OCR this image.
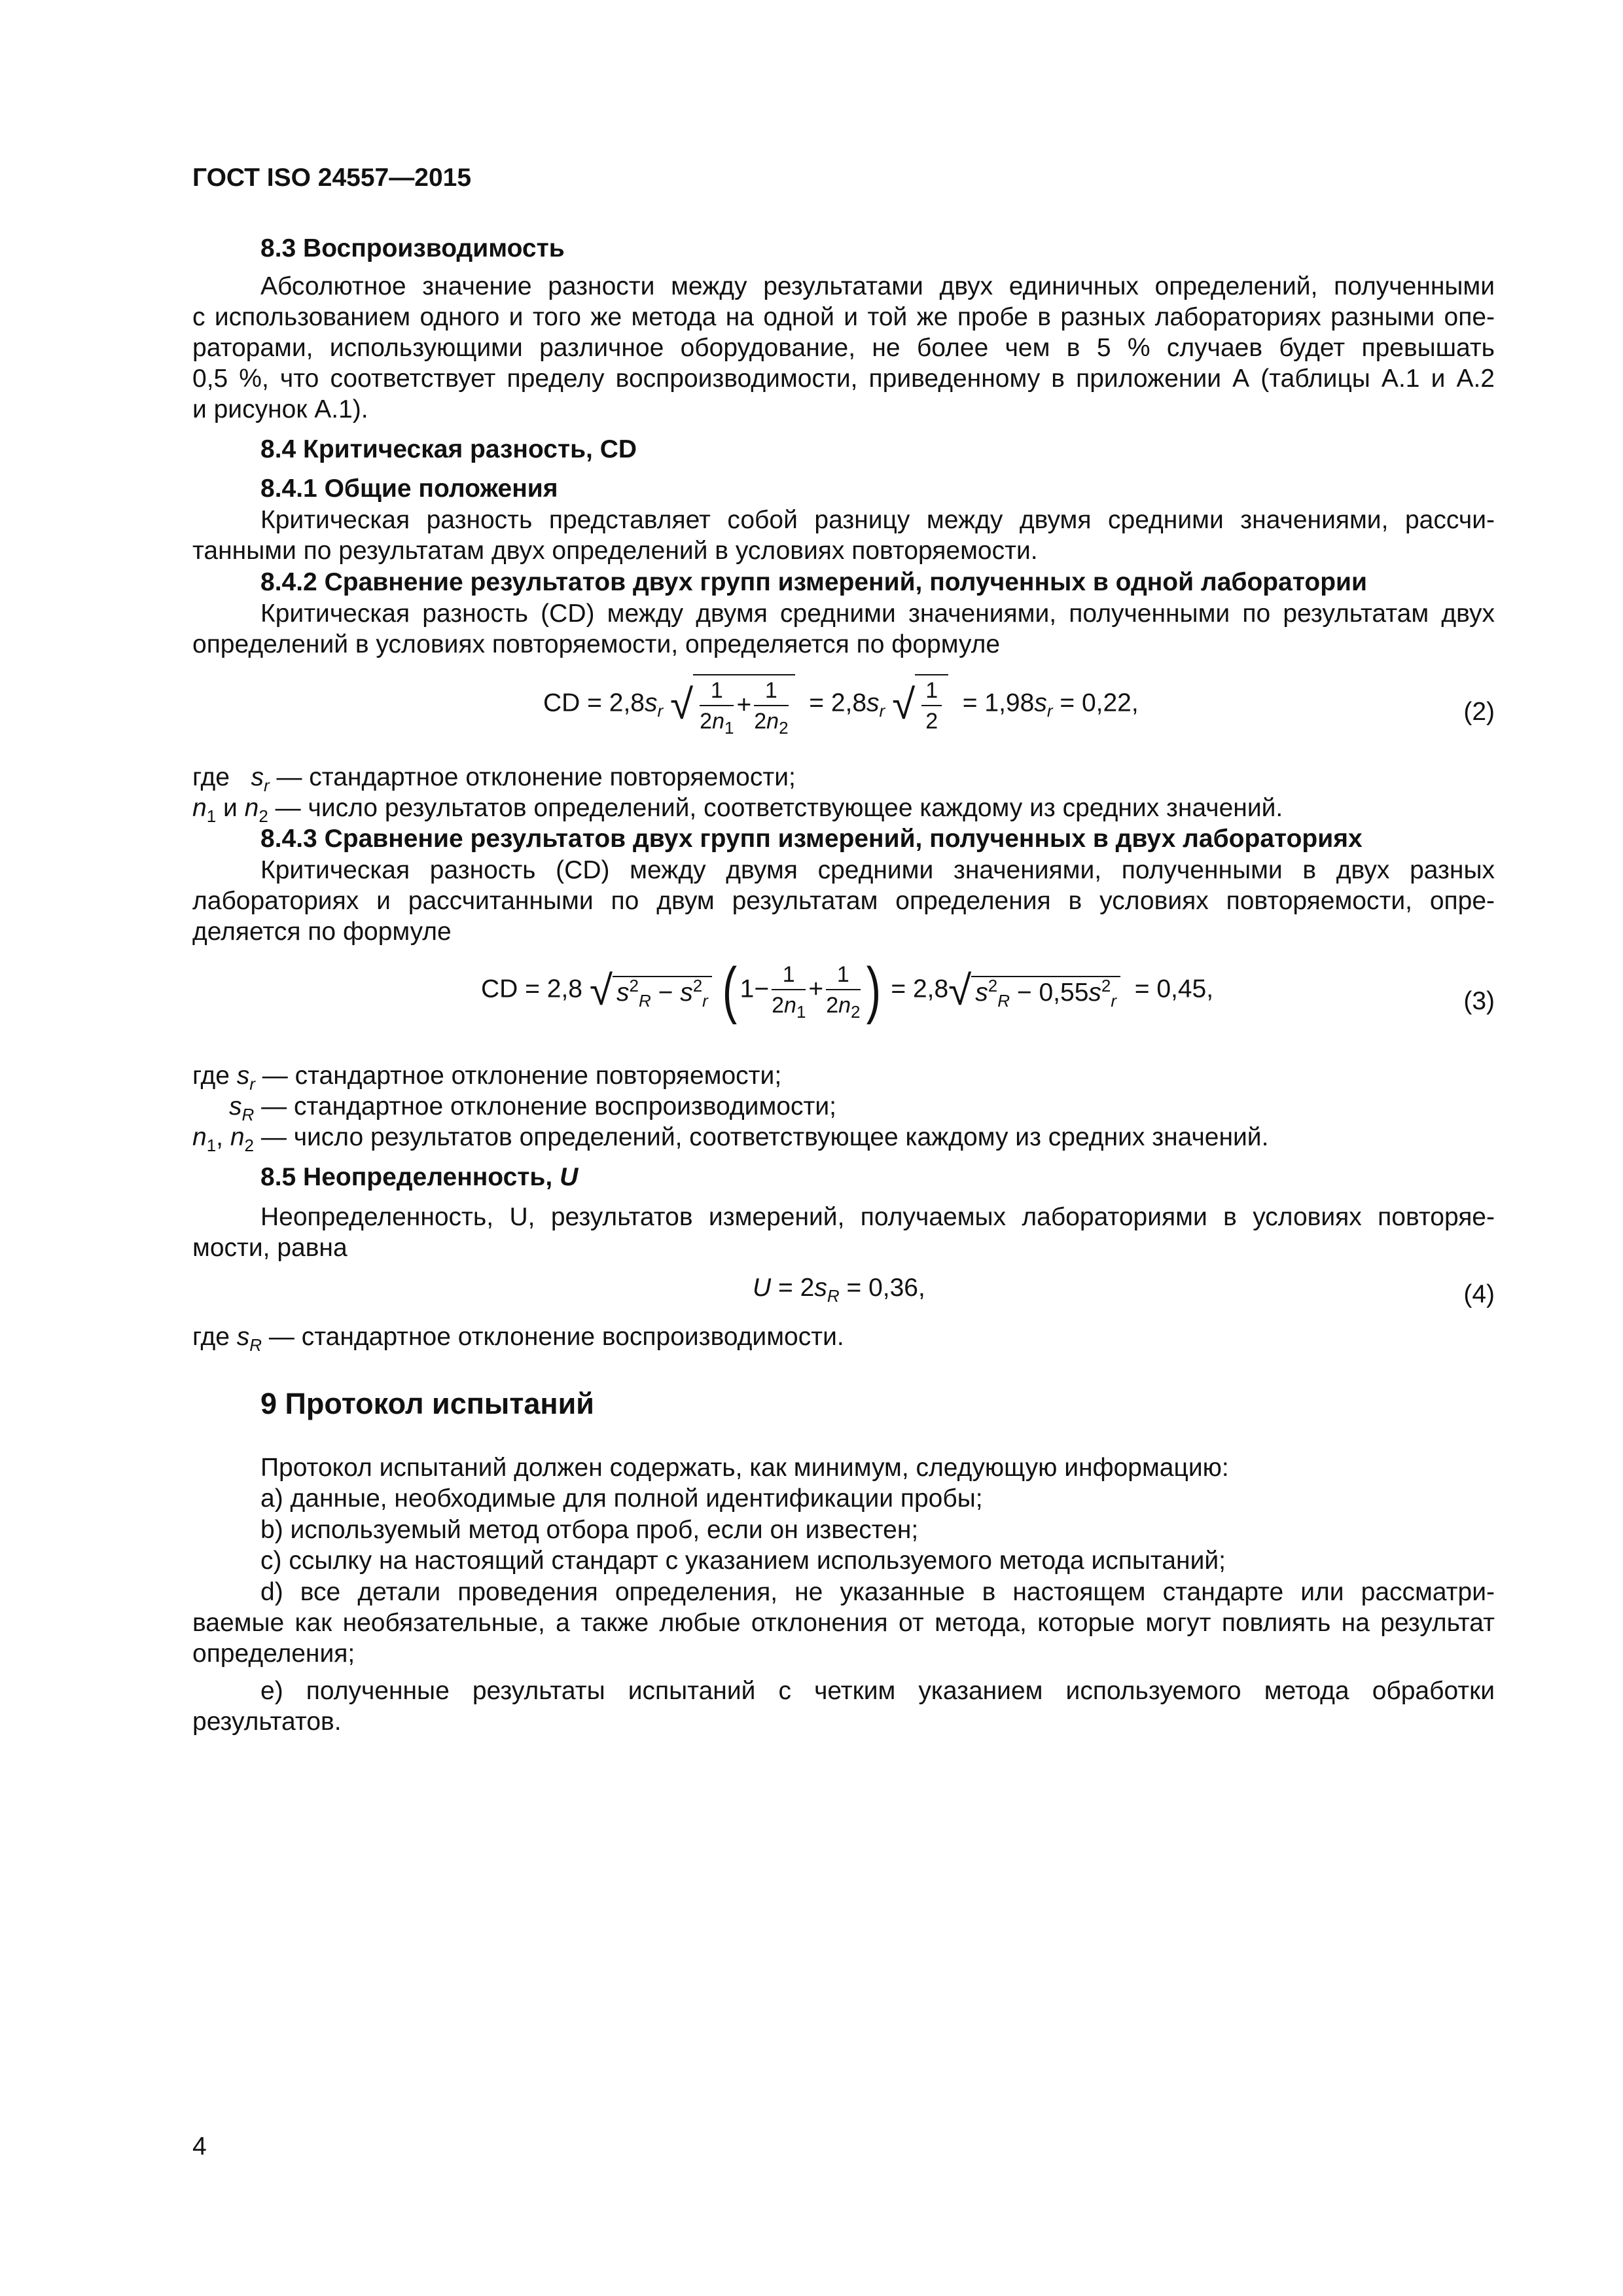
ГОСТ ISO 24557—2015
8.3 Воспроизводимость
Абсолютное значение разности между результатами двух единичных определений, полученными
с использованием одного и того же метода на одной и той же пробе в разных лабораториях разными опе-
раторами, использующими различное оборудование, не более чем в 5 % случаев будет превышать
0,5 %, что соответствует пределу воспроизводимости, приведенному в приложении А (таблицы А.1 и А.2
и рисунок А.1).
8.4 Критическая разность, CD
8.4.1 Общие положения
Критическая разность представляет собой разницу между двумя средними значениями, рассчи-
танными по результатам двух определений в условиях повторяемости.
8.4.2 Сравнение результатов двух групп измерений, полученных в одной лаборатории
Критическая разность (CD) между двумя средними значениями, полученными по результатам двух
определений в условиях повторяемости, определяется по формуле
CD = $2,8s_r$ √ $\frac{1}{2n_1} + \frac{1}{2n_2} = 2,8s_r$ √ $\frac{1}{2} = 1,98s_r = 0,22$,	(2)
где $s_r$ — стандартное отклонение повторяемости;
$n_1$ и $n_2$ — число результатов определений, соответствующее каждому из средних значений.
8.4.3 Сравнение результатов двух групп измерений, полученных в двух лабораториях
Критическая разность (CD) между двумя средними значениями, полученными в двух разных
лабораториях и рассчитанными по двум результатам определения в условиях повторяемости, опре-
деляется по формуле
CD = 2,8 √ $s^2_R - s^2_r$ ( $1- \frac{1}{2n_1} + \frac{1}{2n_2}$ ) = 2,8√ $s^2_R - 0,55s^2_r = 0,45$,	(3)
где $s_r$ — стандартное отклонение повторяемости;
$s_R$ — стандартное отклонение воспроизводимости;
$n_1$, $n_2$ — число результатов определений, соответствующее каждому из средних значений.
8.5 Неопределенность, U
Неопределенность, U, результатов измерений, получаемых лабораториями в условиях повторяе-
мости, равна
$U = 2s_R = 0,36$,	(4)
где $s_R$ — стандартное отклонение воспроизводимости.
9 Протокол испытаний
Протокол испытаний должен содержать, как минимум, следующую информацию:
a) данные, необходимые для полной идентификации пробы;
b) используемый метод отбора проб, если он известен;
c) ссылку на настоящий стандарт с указанием используемого метода испытаний;
d) все детали проведения определения, не указанные в настоящем стандарте или рассматри-
ваемые как необязательные, а также любые отклонения от метода, которые могут повлиять на результат
определения;
e) полученные результаты испытаний с четким указанием используемого метода обработки
результатов.
4
